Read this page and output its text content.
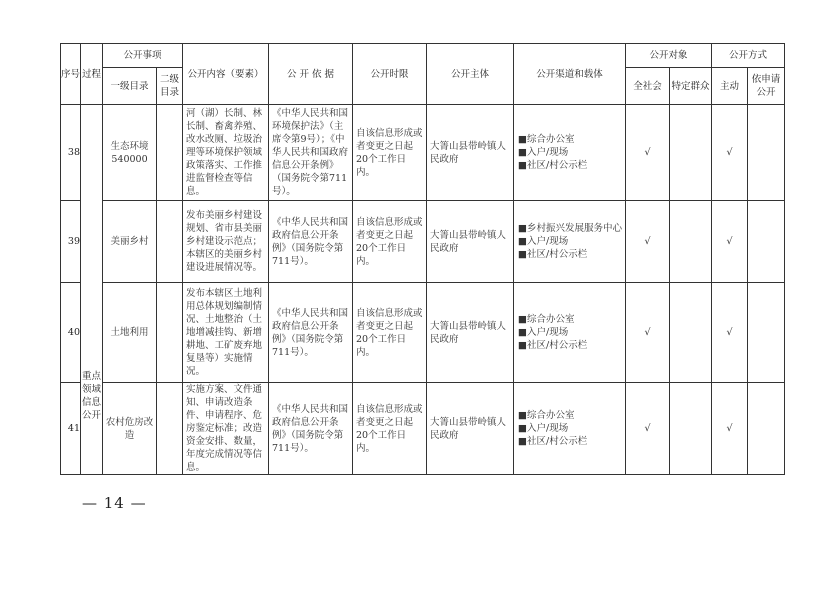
序号	过程	公开事项		公开内容（要素）	公 开 依 据	公开时限	公开主体	公开渠道和载体	公开对象		公开方式	
		一级目录	二级目录						全社会	特定群众	主动	依申请公开
38	重点领域信息公开	生态环境540000		河（湖）长制、林长制、畜禽养殖、改水改厕、垃圾治理等环境保护领域政策落实、工作推进监督检查等信息。	《中华人民共和国环境保护法》（主席令第9号）；《中华人民共和国政府信息公开条例》（国务院令第711号）。	自该信息形成或者变更之日起20个工作日内。	大箐山县带岭镇人民政府	■综合办公室
■入户/现场
■社区/村公示栏	√		√	
39		美丽乡村		发布美丽乡村建设规划、省市县美丽乡村建设示范点；本辖区的美丽乡村建设进展情况等。	《中华人民共和国政府信息公开条例》（国务院令第711号）。	自该信息形成或者变更之日起20个工作日内。	大箐山县带岭镇人民政府	■乡村振兴发展服务中心
■入户/现场
■社区/村公示栏	√		√	
40		土地利用		发布本辖区土地利用总体规划编制情况、土地整治（土地增减挂钩、新增耕地、工矿废弃地复垦等）实施情况。	《中华人民共和国政府信息公开条例》（国务院令第711号）。	自该信息形成或者变更之日起20个工作日内。	大箐山县带岭镇人民政府	■综合办公室
■入户/现场
■社区/村公示栏	√		√	
41		农村危房改造		实施方案、文件通知、申请改造条件、申请程序、危房鉴定标准；改造资金安排、数量，年度完成情况等信息。	《中华人民共和国政府信息公开条例》（国务院令第711号）。	自该信息形成或者变更之日起20个工作日内。	大箐山县带岭镇人民政府	■综合办公室
■入户/现场
■社区/村公示栏	√		√	
— 14 —
